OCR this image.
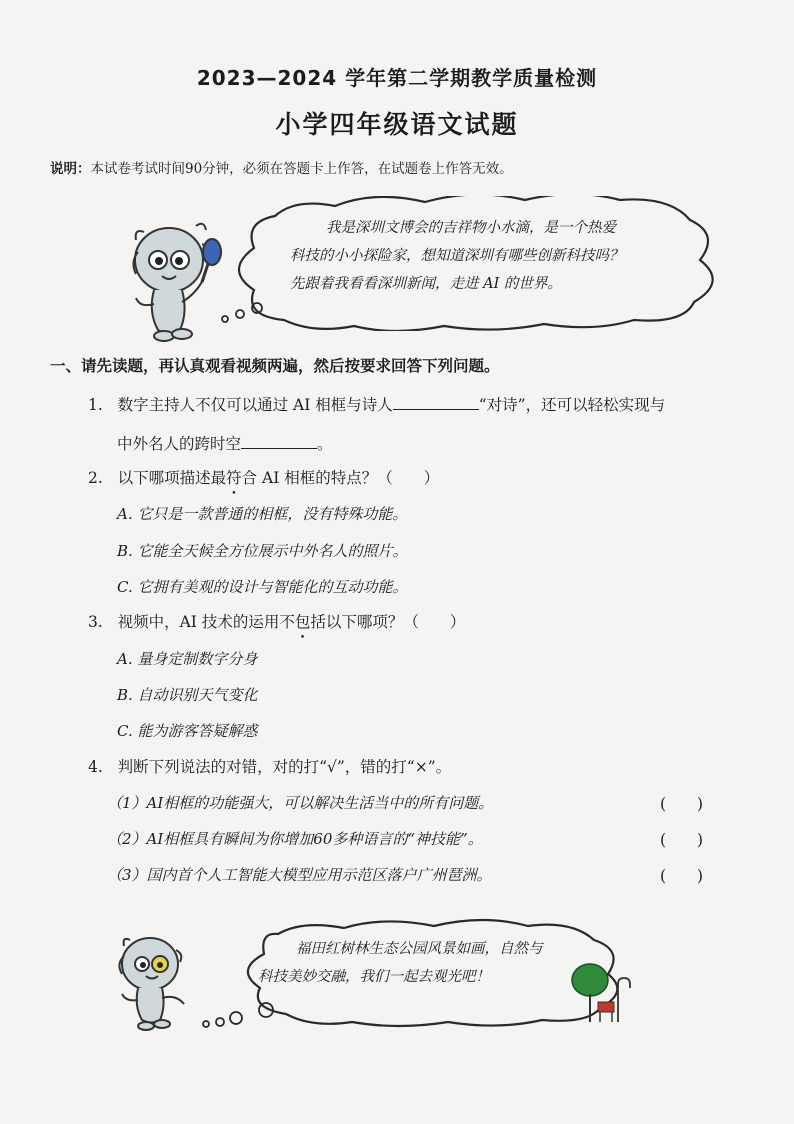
2023—2024 学年第二学期教学质量检测
小学四年级语文试题
说明：本试卷考试时间90分钟，必须在答题卡上作答，在试题卷上作答无效。
我是深圳文博会的吉祥物小水滴，是一个热爱
科技的小小探险家，想知道深圳有哪些创新科技吗？
先跟着我看看深圳新闻，走进 AI 的世界。
一、请先读题，再认真观看视频两遍，然后按要求回答下列问题。
1. 数字主持人不仅可以通过 AI 相框与诗人	“对诗”，还可以轻松实现与
中外名人的跨时空	。
2. 以下哪项描述最符合 AI 相框的特点？（　　）
A. 它只是一款普通的相框，没有特殊功能。
B. 它能全天候全方位展示中外名人的照片。
C. 它拥有美观的设计与智能化的互动功能。
3. 视频中，AI 技术的运用不包括以下哪项？（　　）
A. 量身定制数字分身
B. 自动识别天气变化
C. 能为游客答疑解惑
4. 判断下列说法的对错，对的打“√”，错的打“×”。
（1）AI相框的功能强大，可以解决生活当中的所有问题。	(　　)
（2）AI相框具有瞬间为你增加60多种语言的“神技能”。	(　　)
（3）国内首个人工智能大模型应用示范区落户广州琶洲。	(　　)
福田红树林生态公园风景如画，自然与
科技美妙交融，我们一起去观光吧！
